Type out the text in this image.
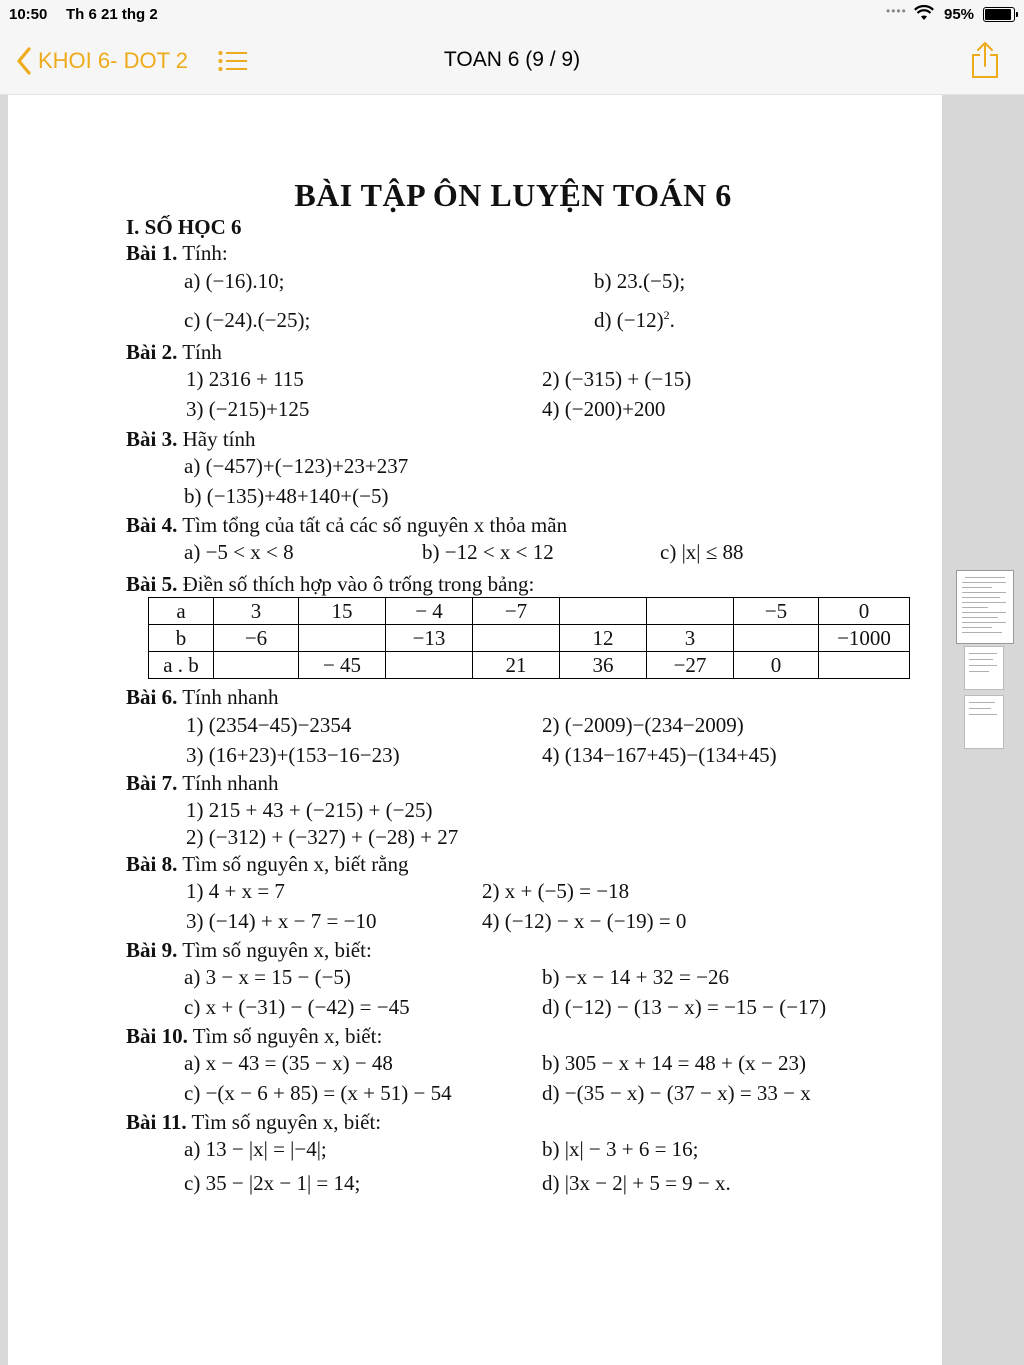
10:50 Th 6 21 thg 2	•••• 95%
KHOI 6- DOT 2	TOAN 6 (9 / 9)
BÀI TẬP ÔN LUYỆN TOÁN 6
I. SỐ HỌC 6
Bài 1. Tính:
a) (−16).10;	b) 23.(−5);
c) (−24).(−25);	d) $(-12)^2$.
Bài 2. Tính
1) 2316 + 115	2) (−315) + (−15)
3) (−215)+125	4) (−200)+200
Bài 3. Hãy tính
a) (−457)+(−123)+23+237
b) (−135)+48+140+(−5)
Bài 4. Tìm tổng của tất cả các số nguyên x thỏa mãn
a) −5 < x < 8	b) −12 < x < 12	c) |x| ≤ 88
Bài 5. Điền số thích hợp vào ô trống trong bảng:
a	3	15	− 4	−7			−5	0
b	−6		−13		12	3		−1000
a . b		− 45		21	36	−27	0	
Bài 6. Tính nhanh
1) (2354−45)−2354	2) (−2009)−(234−2009)
3) (16+23)+(153−16−23)	4) (134−167+45)−(134+45)
Bài 7. Tính nhanh
1) 215 + 43 + (−215) + (−25)
2) (−312) + (−327) + (−28) + 27
Bài 8. Tìm số nguyên x, biết rằng
1) 4 + x = 7	2) x + (−5) = −18
3) (−14) + x − 7 = −10	4) (−12) − x − (−19) = 0
Bài 9. Tìm số nguyên x, biết:
a) 3 − x = 15 − (−5)	b) −x − 14 + 32 = −26
c) x + (−31) − (−42) = −45	d) (−12) − (13 − x) = −15 − (−17)
Bài 10. Tìm số nguyên x, biết:
a) x − 43 = (35 − x) − 48	b) 305 − x + 14 = 48 + (x − 23)
c) −(x − 6 + 85) = (x + 51) − 54	d) −(35 − x) − (37 − x) = 33 − x
Bài 11. Tìm số nguyên x, biết:
a) 13 − |x| = |−4|;	b) |x| − 3 + 6 = 16;
c) 35 − |2x − 1| = 14;	d) |3x − 2| + 5 = 9 − x.
